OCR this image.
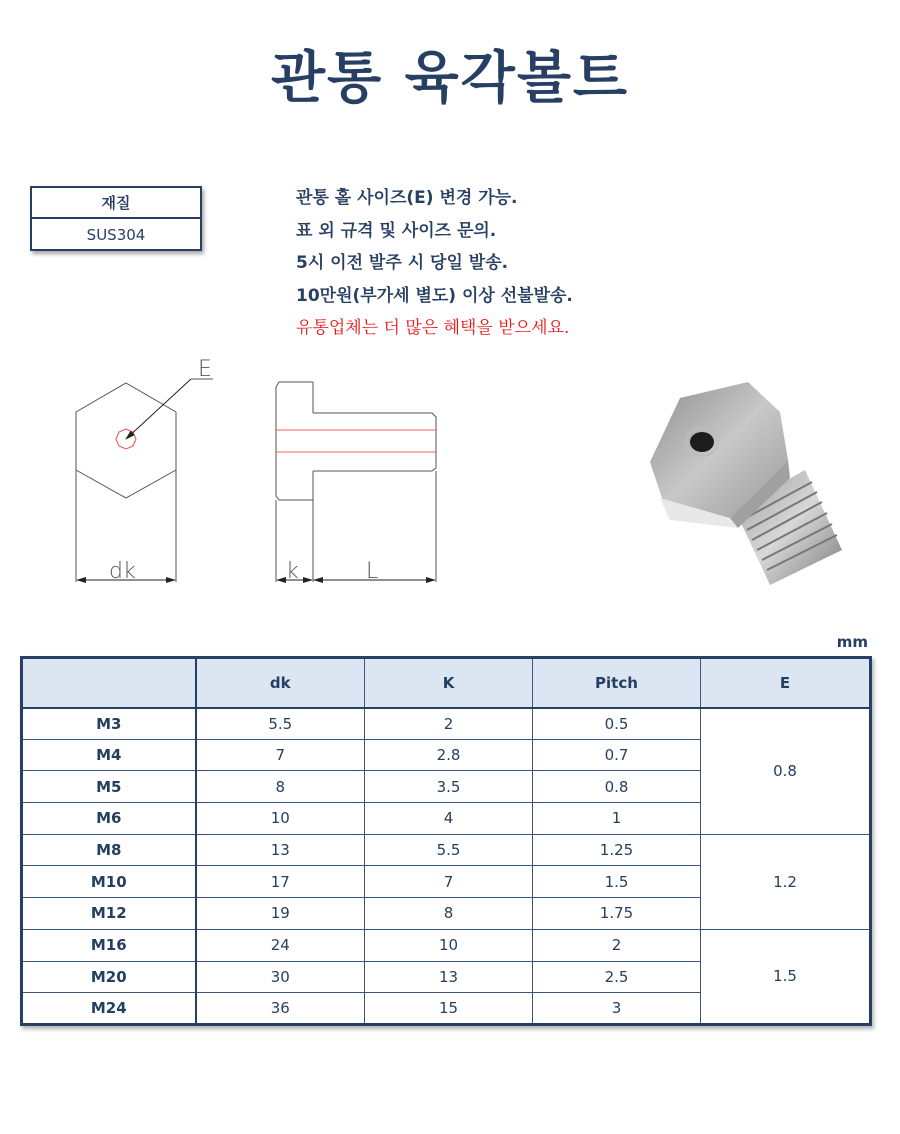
관통 육각볼트
재질
SUS304
관통 홀 사이즈(E) 변경 가능.
표 외 규격 및 사이즈 문의.
5시 이전 발주 시 당일 발송.
10만원(부가세 별도) 이상 선불발송.
유통업체는 더 많은 혜택을 받으세요.
E
dk	k	L
mm
	dk	K	Pitch	E
M3	5.5	2	0.5	0.8
M4	7	2.8	0.7	
M5	8	3.5	0.8	
M6	10	4	1	
M8	13	5.5	1.25	1.2
M10	17	7	1.5	
M12	19	8	1.75	
M16	24	10	2	1.5
M20	30	13	2.5	
M24	36	15	3	
